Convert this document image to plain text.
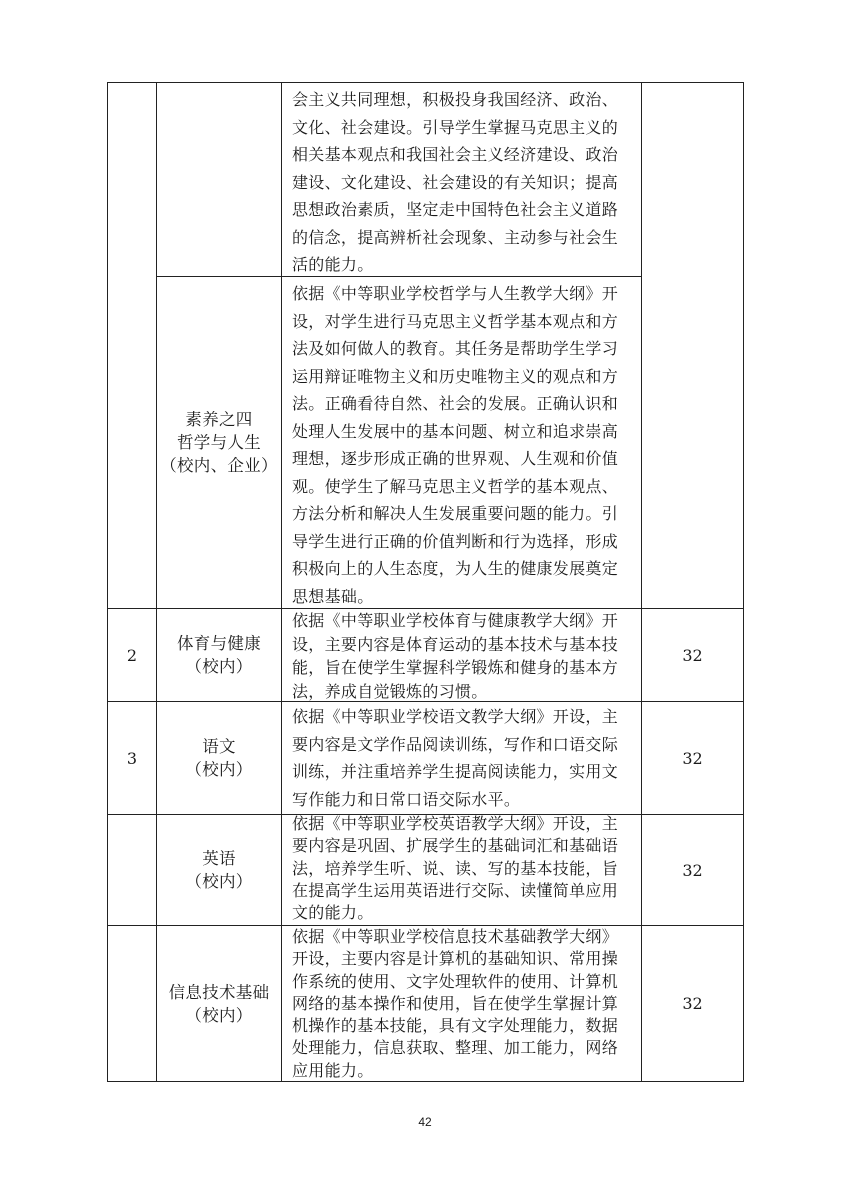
会主义共同理想，积极投身我国经济、政治、
文化、社会建设。引导学生掌握马克思主义的
相关基本观点和我国社会主义经济建设、政治
建设、文化建设、社会建设的有关知识；提高
思想政治素质，坚定走中国特色社会主义道路
的信念，提高辨析社会现象、主动参与社会生
活的能力。
素养之四
哲学与人生
（校内、企业）
依据《中等职业学校哲学与人生教学大纲》开
设，对学生进行马克思主义哲学基本观点和方
法及如何做人的教育。其任务是帮助学生学习
运用辩证唯物主义和历史唯物主义的观点和方
法。正确看待自然、社会的发展。正确认识和
处理人生发展中的基本问题、树立和追求崇高
理想，逐步形成正确的世界观、人生观和价值
观。使学生了解马克思主义哲学的基本观点、
方法分析和解决人生发展重要问题的能力。引
导学生进行正确的价值判断和行为选择，形成
积极向上的人生态度，为人生的健康发展奠定
思想基础。
2
体育与健康
（校内）
依据《中等职业学校体育与健康教学大纲》开
设，主要内容是体育运动的基本技术与基本技
能，旨在使学生掌握科学锻炼和健身的基本方
法，养成自觉锻炼的习惯。
32
3
语文
（校内）
依据《中等职业学校语文教学大纲》开设，主
要内容是文学作品阅读训练，写作和口语交际
训练，并注重培养学生提高阅读能力，实用文
写作能力和日常口语交际水平。
32
英语
（校内）
依据《中等职业学校英语教学大纲》开设，主
要内容是巩固、扩展学生的基础词汇和基础语
法，培养学生听、说、读、写的基本技能，旨
在提高学生运用英语进行交际、读懂简单应用
文的能力。
32
信息技术基础
（校内）
依据《中等职业学校信息技术基础教学大纲》
开设，主要内容是计算机的基础知识、常用操
作系统的使用、文字处理软件的使用、计算机
网络的基本操作和使用，旨在使学生掌握计算
机操作的基本技能，具有文字处理能力，数据
处理能力，信息获取、整理、加工能力，网络
应用能力。
32
42
